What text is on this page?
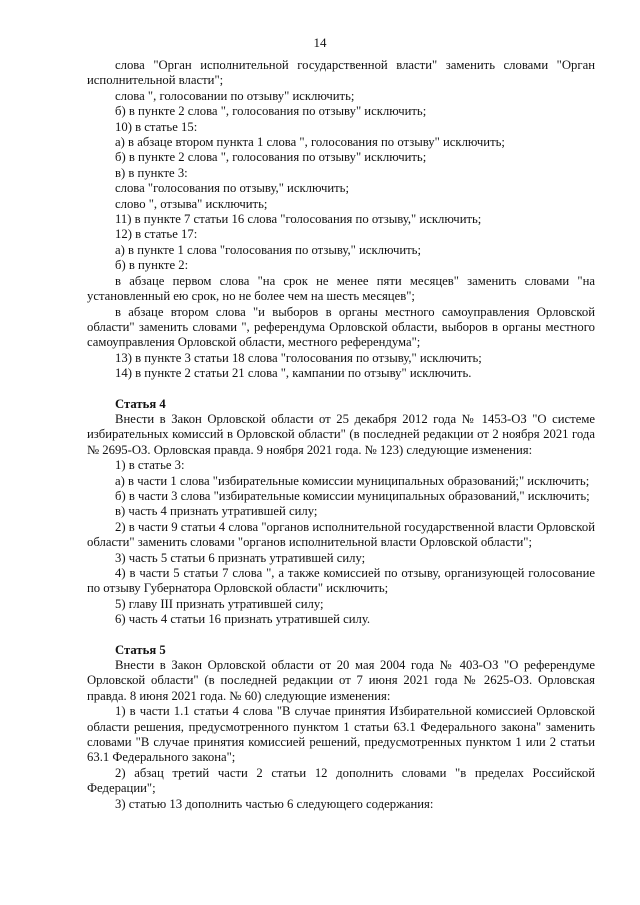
14

слова "Орган исполнительной государственной власти" заменить словами "Орган исполнительной власти";

слова ", голосовании по отзыву" исключить;

б) в пункте 2 слова ", голосования по отзыву" исключить;

10) в статье 15:

а) в абзаце втором пункта 1 слова ", голосования по отзыву" исключить;

б) в пункте 2 слова ", голосования по отзыву" исключить;

в) в пункте 3:

слова "голосования по отзыву," исключить;

слово ", отзыва" исключить;

11) в пункте 7 статьи 16 слова "голосования по отзыву," исключить;

12) в статье 17:

а) в пункте 1 слова "голосования по отзыву," исключить;

б) в пункте 2:

в абзаце первом слова "на срок не менее пяти месяцев" заменить словами "на установленный ею срок, но не более чем на шесть месяцев";

в абзаце втором слова "и выборов в органы местного самоуправления Орловской области" заменить словами ", референдума Орловской области, выборов в органы местного самоуправления Орловской области, местного референдума";

13) в пункте 3 статьи 18 слова "голосования по отзыву," исключить;

14) в пункте 2 статьи 21 слова ", кампании по отзыву" исключить.

Статья 4

Внести в Закон Орловской области от 25 декабря 2012 года № 1453-ОЗ "О системе избирательных комиссий в Орловской области" (в последней редакции от 2 ноября 2021 года № 2695-ОЗ. Орловская правда. 9 ноября 2021 года. № 123) следующие изменения:

1) в статье 3:

а) в части 1 слова "избирательные комиссии муниципальных образований;" исключить;

б) в части 3 слова "избирательные комиссии муниципальных образований," исключить;

в) часть 4 признать утратившей силу;

2) в части 9 статьи 4 слова "органов исполнительной государственной власти Орловской области" заменить словами "органов исполнительной власти Орловской области";

3) часть 5 статьи 6 признать утратившей силу;

4) в части 5 статьи 7 слова ", а также комиссией по отзыву, организующей голосование по отзыву Губернатора Орловской области" исключить;

5) главу III признать утратившей силу;

6) часть 4 статьи 16 признать утратившей силу.

Статья 5

Внести в Закон Орловской области от 20 мая 2004 года № 403-ОЗ "О референдуме Орловской области" (в последней редакции от 7 июня 2021 года № 2625-ОЗ. Орловская правда. 8 июня 2021 года. № 60) следующие изменения:

1) в части 1.1 статьи 4 слова "В случае принятия Избирательной комиссией Орловской области решения, предусмотренного пунктом 1 статьи 63.1 Федерального закона" заменить словами "В случае принятия комиссией решений, предусмотренных пунктом 1 или 2 статьи 63.1 Федерального закона";

2) абзац третий части 2 статьи 12 дополнить словами "в пределах Российской Федерации";

3) статью 13 дополнить частью 6 следующего содержания:
